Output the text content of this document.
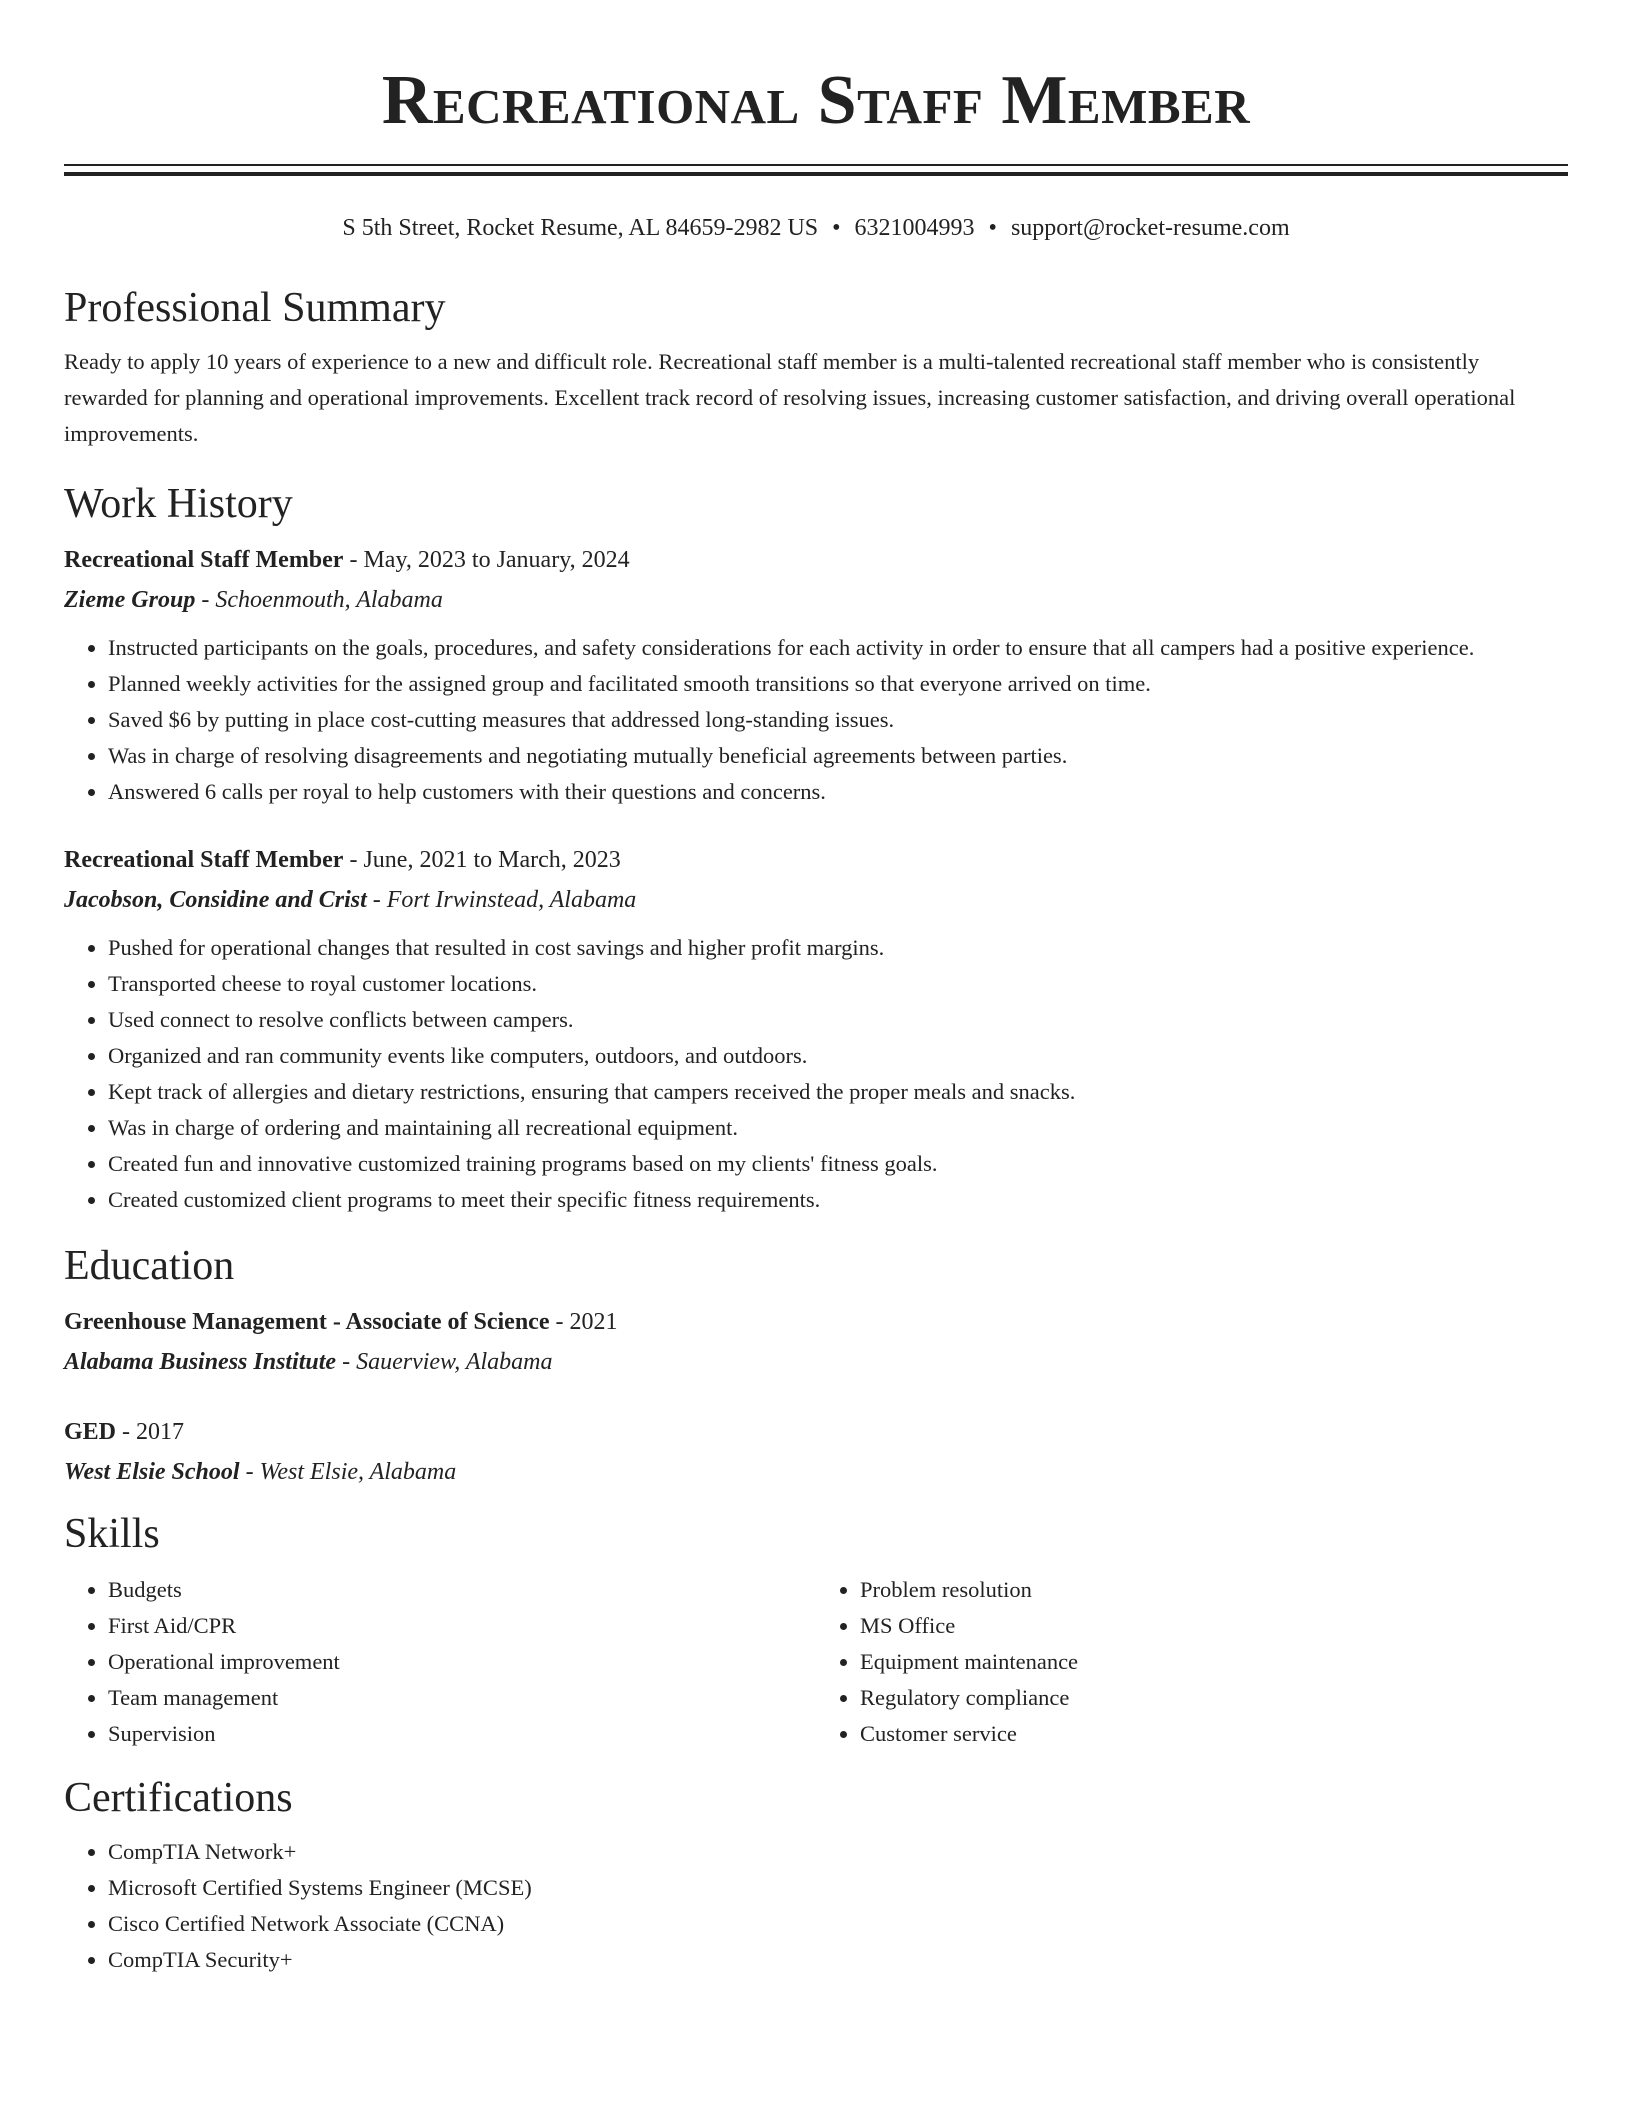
Recreational Staff Member
S 5th Street, Rocket Resume, AL 84659-2982 US • 6321004993 • support@rocket-resume.com
Professional Summary

Ready to apply 10 years of experience to a new and difficult role. Recreational staff member is a multi-talented recreational staff member who is consistently rewarded for planning and operational improvements. Excellent track record of resolving issues, increasing customer satisfaction, and driving overall operational improvements.

Work History
Recreational Staff Member - May, 2023 to January, 2024
Zieme Group - Schoenmouth, Alabama
• Instructed participants on the goals, procedures, and safety considerations for each activity in order to ensure that all campers had a positive experience.
• Planned weekly activities for the assigned group and facilitated smooth transitions so that everyone arrived on time.
• Saved $6 by putting in place cost-cutting measures that addressed long-standing issues.
• Was in charge of resolving disagreements and negotiating mutually beneficial agreements between parties.
• Answered 6 calls per royal to help customers with their questions and concerns.
Recreational Staff Member - June, 2021 to March, 2023
Jacobson, Considine and Crist - Fort Irwinstead, Alabama
• Pushed for operational changes that resulted in cost savings and higher profit margins.
• Transported cheese to royal customer locations.
• Used connect to resolve conflicts between campers.
• Organized and ran community events like computers, outdoors, and outdoors.
• Kept track of allergies and dietary restrictions, ensuring that campers received the proper meals and snacks.
• Was in charge of ordering and maintaining all recreational equipment.
• Created fun and innovative customized training programs based on my clients' fitness goals.
• Created customized client programs to meet their specific fitness requirements.
Education
Greenhouse Management - Associate of Science - 2021
Alabama Business Institute - Sauerview, Alabama
GED - 2017
West Elsie School - West Elsie, Alabama
Skills
• Budgets
• First Aid/CPR
• Operational improvement
• Team management
• Supervision
• Problem resolution
• MS Office
• Equipment maintenance
• Regulatory compliance
• Customer service
Certifications
• CompTIA Network+
• Microsoft Certified Systems Engineer (MCSE)
• Cisco Certified Network Associate (CCNA)
• CompTIA Security+
